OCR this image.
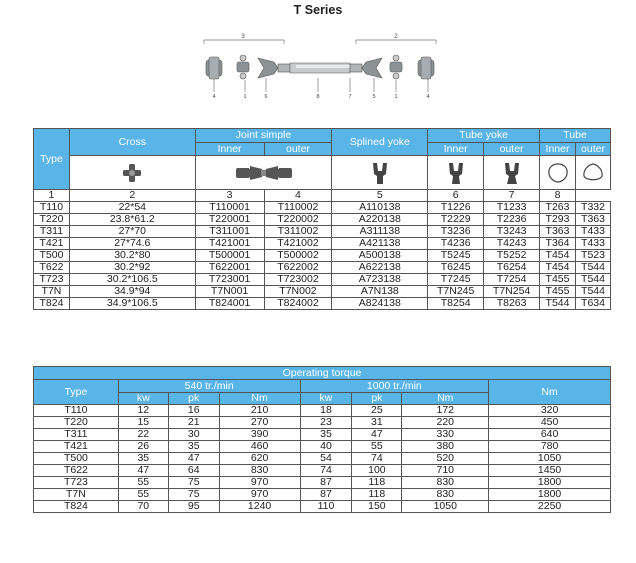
T Series
3	2
4	1	6	8	7	5	1	4
Type	Cross	Joint simple		Splined yoke	Tube yoke		Tube	
		Inner	outer		Inner	outer	Inner	outer

1	2	3	4	5	6	7	8	
T110	22*54	T110001	T110002	A110138	T1226	T1233	T263	T332
T220	23.8*61.2	T220001	T220002	A220138	T2229	T2236	T293	T363
T311	27*70	T311001	T311002	A311138	T3236	T3243	T363	T433
T421	27*74.6	T421001	T421002	A421138	T4236	T4243	T364	T433
T500	30.2*80	T500001	T500002	A500138	T5245	T5252	T454	T523
T622	30.2*92	T622001	T622002	A622138	T6245	T6254	T454	T544
T723	30.2*106.5	T723001	T723002	A723138	T7245	T7254	T455	T544
T7N	34.9*94	T7N001	T7N002	A7N138	T7N245	T7N254	T455	T544
T824	34.9*106.5	T824001	T824002	A824138	T8254	T8263	T544	T634
Operating torque							
Type	540 tr./min			1000 tr./min			Nm
	kw	pk	Nm	kw	pk	Nm	
T110	12	16	210	18	25	172	320
T220	15	21	270	23	31	220	450
T311	22	30	390	35	47	330	640
T421	26	35	460	40	55	380	780
T500	35	47	620	54	74	520	1050
T622	47	64	830	74	100	710	1450
T723	55	75	970	87	118	830	1800
T7N	55	75	970	87	118	830	1800
T824	70	95	1240	110	150	1050	2250
